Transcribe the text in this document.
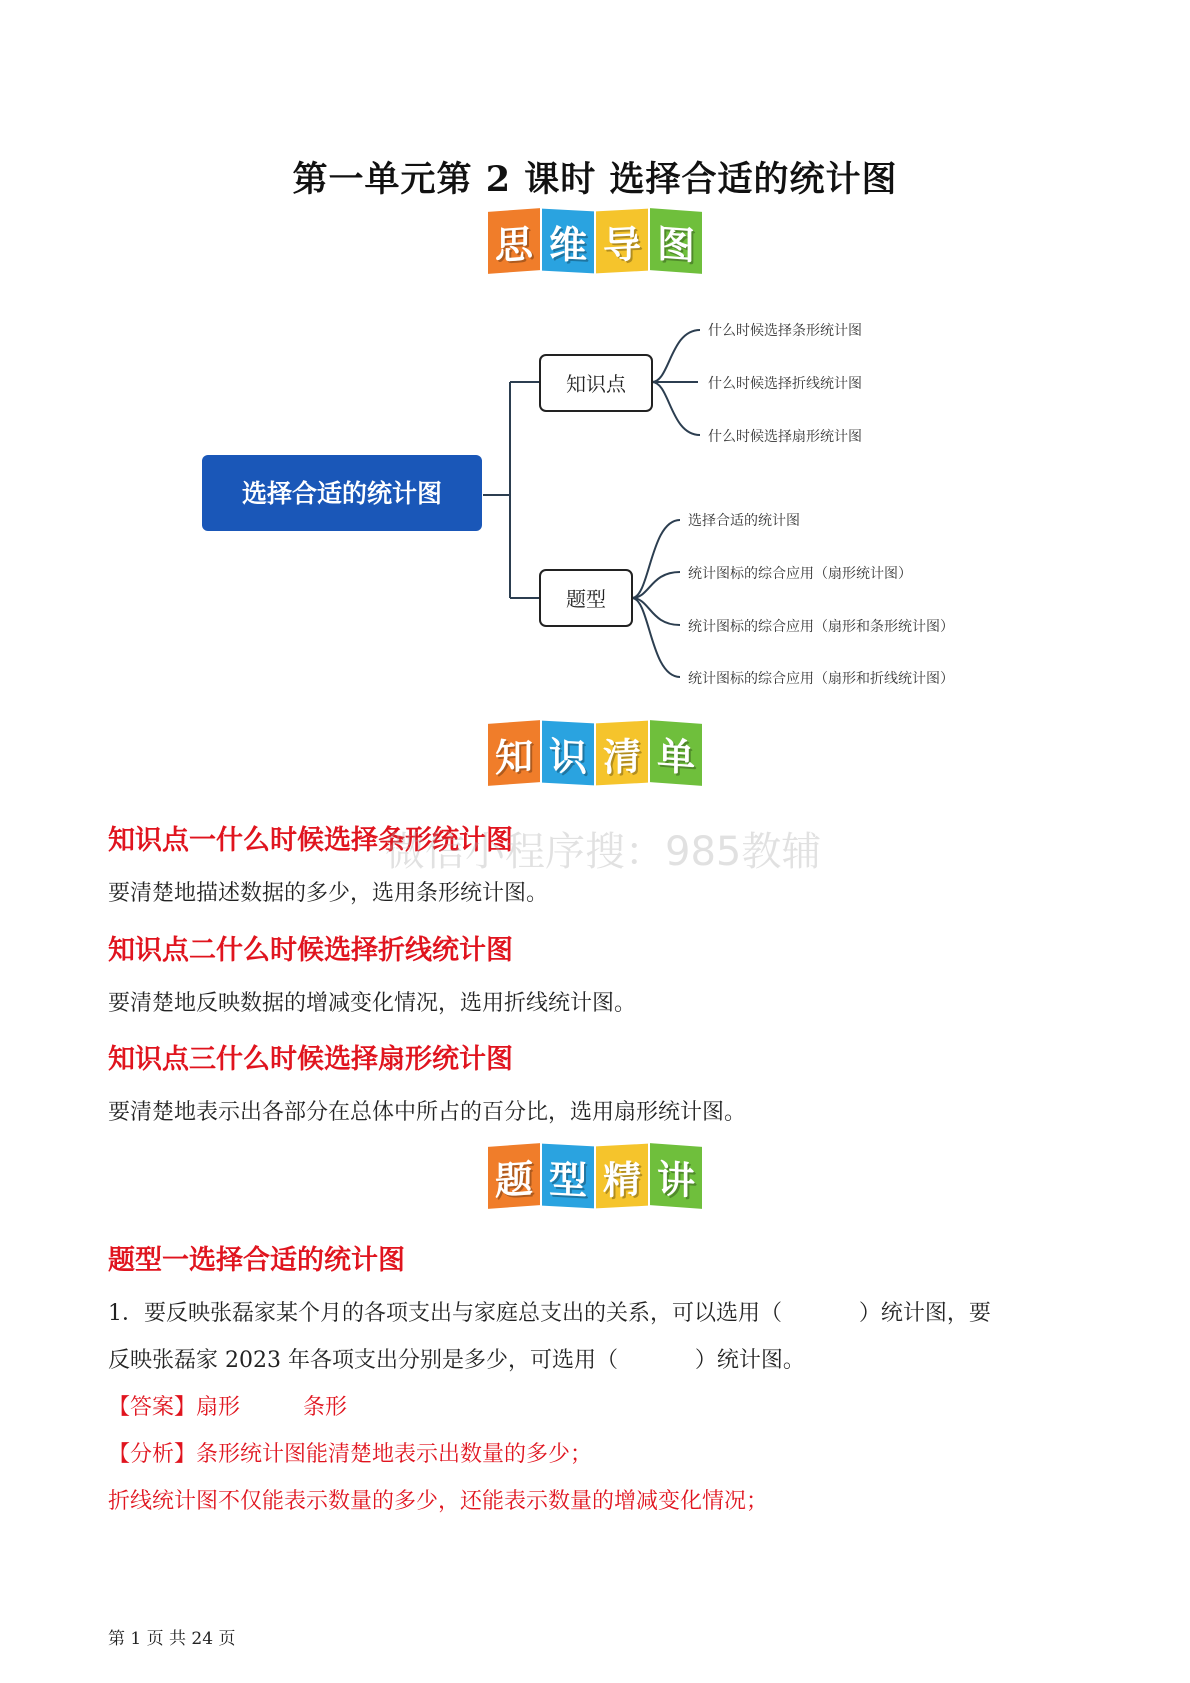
第一单元第 2 课时 选择合适的统计图
思 维 导 图
选择合适的统计图
知识点
题型
什么时候选择条形统计图
什么时候选择折线统计图
什么时候选择扇形统计图
选择合适的统计图
统计图标的综合应用（扇形统计图）
统计图标的综合应用（扇形和条形统计图）
统计图标的综合应用（扇形和折线统计图）
知 识 清 单
知识点一什么时候选择条形统计图
微信小程序搜：985教辅
要清楚地描述数据的多少，选用条形统计图。
知识点二什么时候选择折线统计图
要清楚地反映数据的增减变化情况，选用折线统计图。
知识点三什么时候选择扇形统计图
要清楚地表示出各部分在总体中所占的百分比，选用扇形统计图。
题 型 精 讲
题型一选择合适的统计图
1．要反映张磊家某个月的各项支出与家庭总支出的关系，可以选用（           ）统计图，要
反映张磊家 2023 年各项支出分别是多少，可选用（           ）统计图。
【答案】扇形         条形
【分析】条形统计图能清楚地表示出数量的多少；
折线统计图不仅能表示数量的多少，还能表示数量的增减变化情况；
第 1 页 共 24 页
